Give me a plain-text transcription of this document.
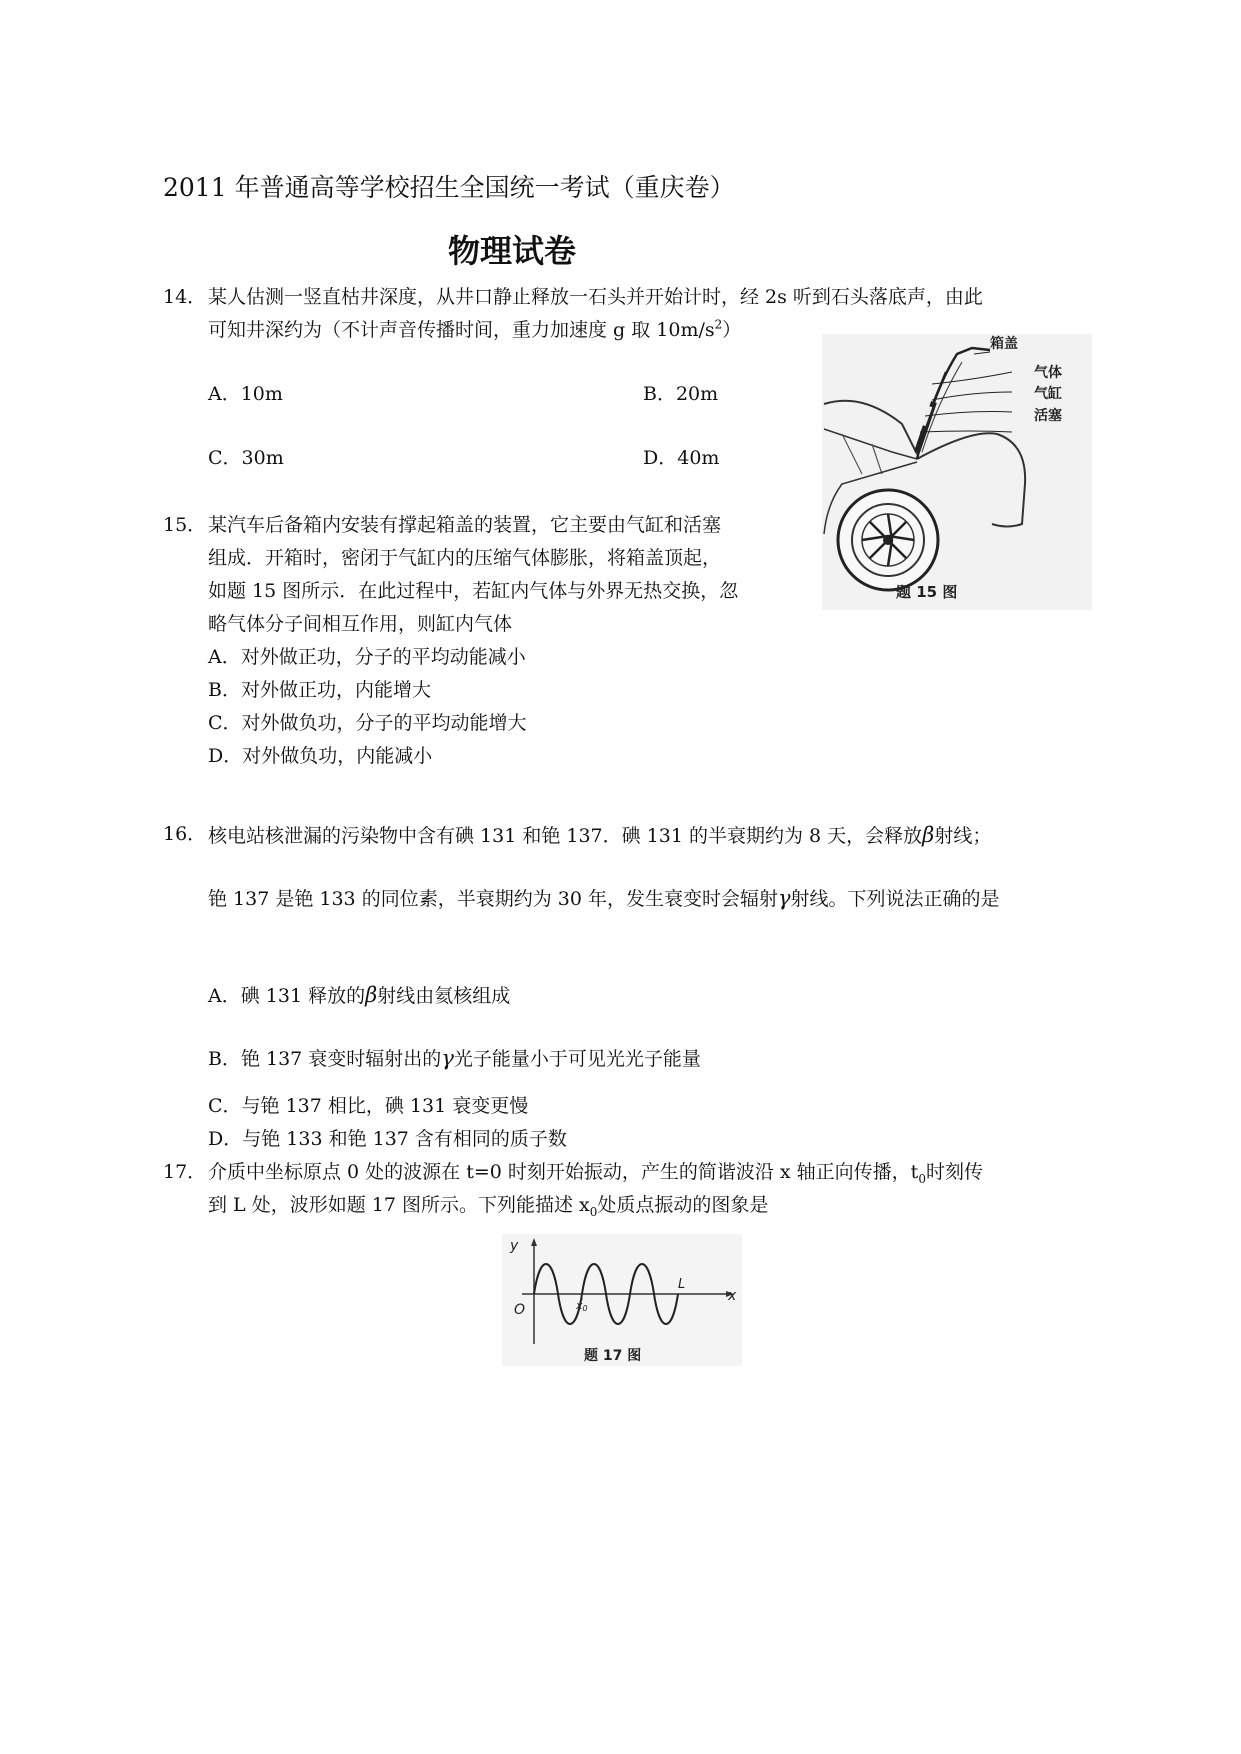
2011 年普通高等学校招生全国统一考试（重庆卷）
物理试卷
14． 某人估测一竖直枯井深度，从井口静止释放一石头并开始计时，经 2s 听到石头落底声，由此
可知井深约为（不计声音传播时间，重力加速度 g 取 $10m/s^2$）
A．10m	B．20m
C．30m	D．40m
箱盖
气体
气缸
活塞
题 15 图
15． 某汽车后备箱内安装有撑起箱盖的装置，它主要由气缸和活塞
组成．开箱时，密闭于气缸内的压缩气体膨胀，将箱盖顶起，
如题 15 图所示．在此过程中，若缸内气体与外界无热交换，忽
略气体分子间相互作用，则缸内气体
A．对外做正功，分子的平均动能减小
B．对外做正功，内能增大
C．对外做负功，分子的平均动能增大
D．对外做负功，内能减小
16． 核电站核泄漏的污染物中含有碘 131 和铯 137．碘 131 的半衰期约为 8 天，会释放β射线；
铯 137 是铯 133 的同位素，半衰期约为 30 年，发生衰变时会辐射γ射线。下列说法正确的是
A．碘 131 释放的β射线由氦核组成
B．铯 137 衰变时辐射出的γ光子能量小于可见光光子能量
C．与铯 137 相比，碘 131 衰变更慢
D．与铯 133 和铯 137 含有相同的质子数
17． 介质中坐标原点 0 处的波源在 t=0 时刻开始振动，产生的简谐波沿 x 轴正向传播，$t_0$时刻传
到 L 处，波形如题 17 图所示。下列能描述 $x_0$处质点振动的图象是
y
x
O	x0
L
题 17 图
